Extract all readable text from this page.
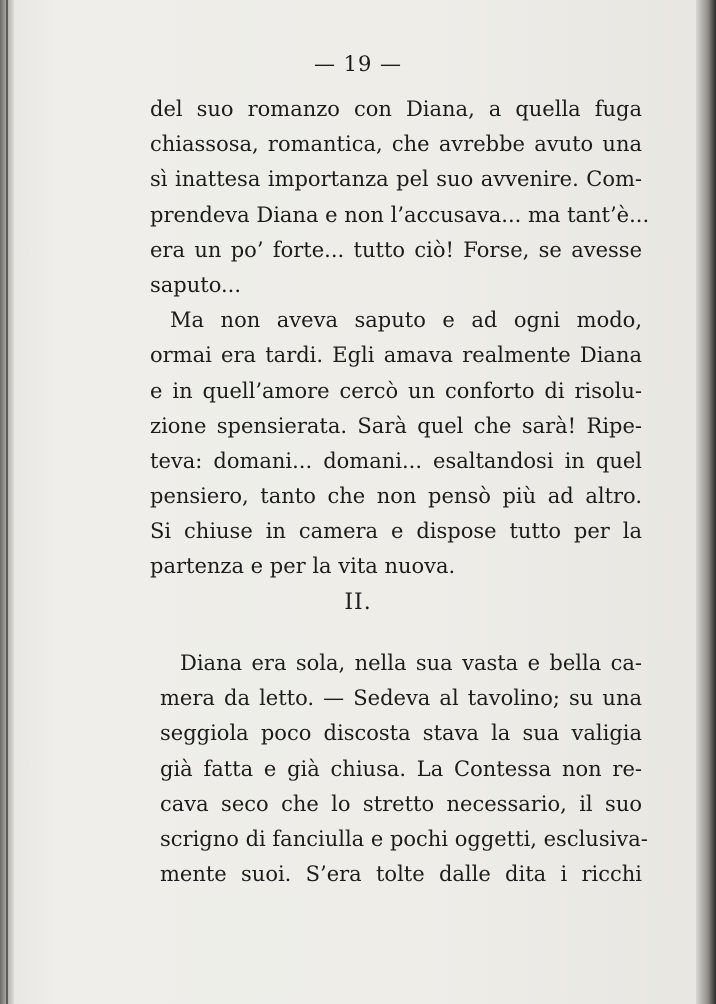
— 19 —
del suo romanzo con Diana, a quella fuga
chiassosa, romantica, che avrebbe avuto una
sì inattesa importanza pel suo avvenire. Com-
prendeva Diana e non l’accusava... ma tant’è...
era un po’ forte... tutto ciò! Forse, se avesse
saputo...
Ma non aveva saputo e ad ogni modo,
ormai era tardi. Egli amava realmente Diana
e in quell’amore cercò un conforto di risolu-
zione spensierata. Sarà quel che sarà! Ripe-
teva: domani... domani... esaltandosi in quel
pensiero, tanto che non pensò più ad altro.
Si chiuse in camera e dispose tutto per la
partenza e per la vita nuova.
II.
Diana era sola, nella sua vasta e bella ca-
mera da letto. — Sedeva al tavolino; su una
seggiola poco discosta stava la sua valigia
già fatta e già chiusa. La Contessa non re-
cava seco che lo stretto necessario, il suo
scrigno di fanciulla e pochi oggetti, esclusiva-
mente suoi. S’era tolte dalle dita i ricchi
